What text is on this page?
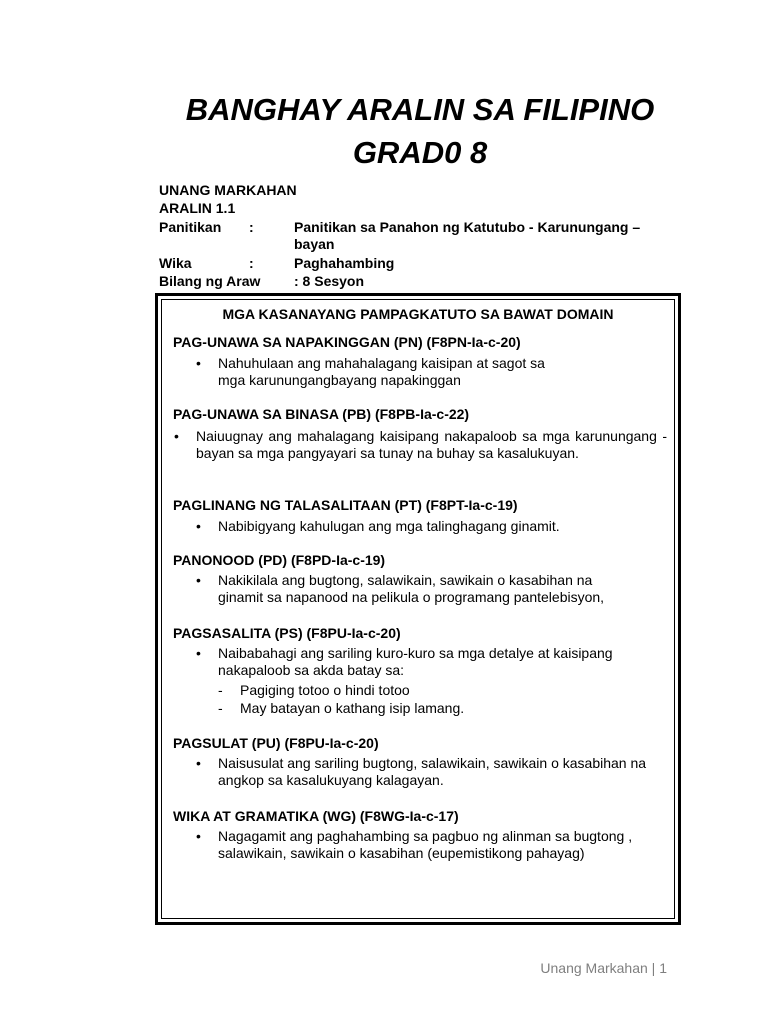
BANGHAY ARALIN SA FILIPINO
GRAD0 8
UNANG MARKAHAN
ARALIN 1.1
Panitikan :	Panitikan sa Panahon ng Katutubo - Karunungang – bayan
Wika	:	Paghahambing
Bilang ng Araw : 8 Sesyon
MGA KASANAYANG PAMPAGKATUTO SA BAWAT DOMAIN
PAG-UNAWA SA NAPAKINGGAN (PN) (F8PN-Ia-c-20)
• Nahuhulaan ang mahahalagang kaisipan at sagot sa mga karunungangbayang napakinggan
PAG-UNAWA SA BINASA (PB) (F8PB-Ia-c-22)
• Naiuugnay ang mahalagang kaisipang nakapaloob sa mga karunungang - bayan sa mga pangyayari sa tunay na buhay sa kasalukuyan.
PAGLINANG NG TALASALITAAN (PT) (F8PT-Ia-c-19)
• Nabibigyang kahulugan ang mga talinghagang ginamit.
PANONOOD (PD) (F8PD-Ia-c-19)
• Nakikilala ang bugtong, salawikain, sawikain o kasabihan na ginamit sa napanood na pelikula o programang pantelebisyon,
PAGSASALITA (PS) (F8PU-Ia-c-20)
• Naibabahagi ang sariling kuro-kuro sa mga detalye at kaisipang nakapaloob sa akda batay sa:
- Pagiging totoo o hindi totoo
- May batayan o kathang isip lamang.
PAGSULAT (PU) (F8PU-Ia-c-20)
• Naisusulat ang sariling bugtong, salawikain, sawikain o kasabihan na angkop sa kasalukuyang kalagayan.
WIKA AT GRAMATIKA (WG) (F8WG-Ia-c-17)
• Nagagamit ang paghahambing sa pagbuo ng alinman sa bugtong , salawikain, sawikain o kasabihan (eupemistikong pahayag)
Unang Markahan | 1
